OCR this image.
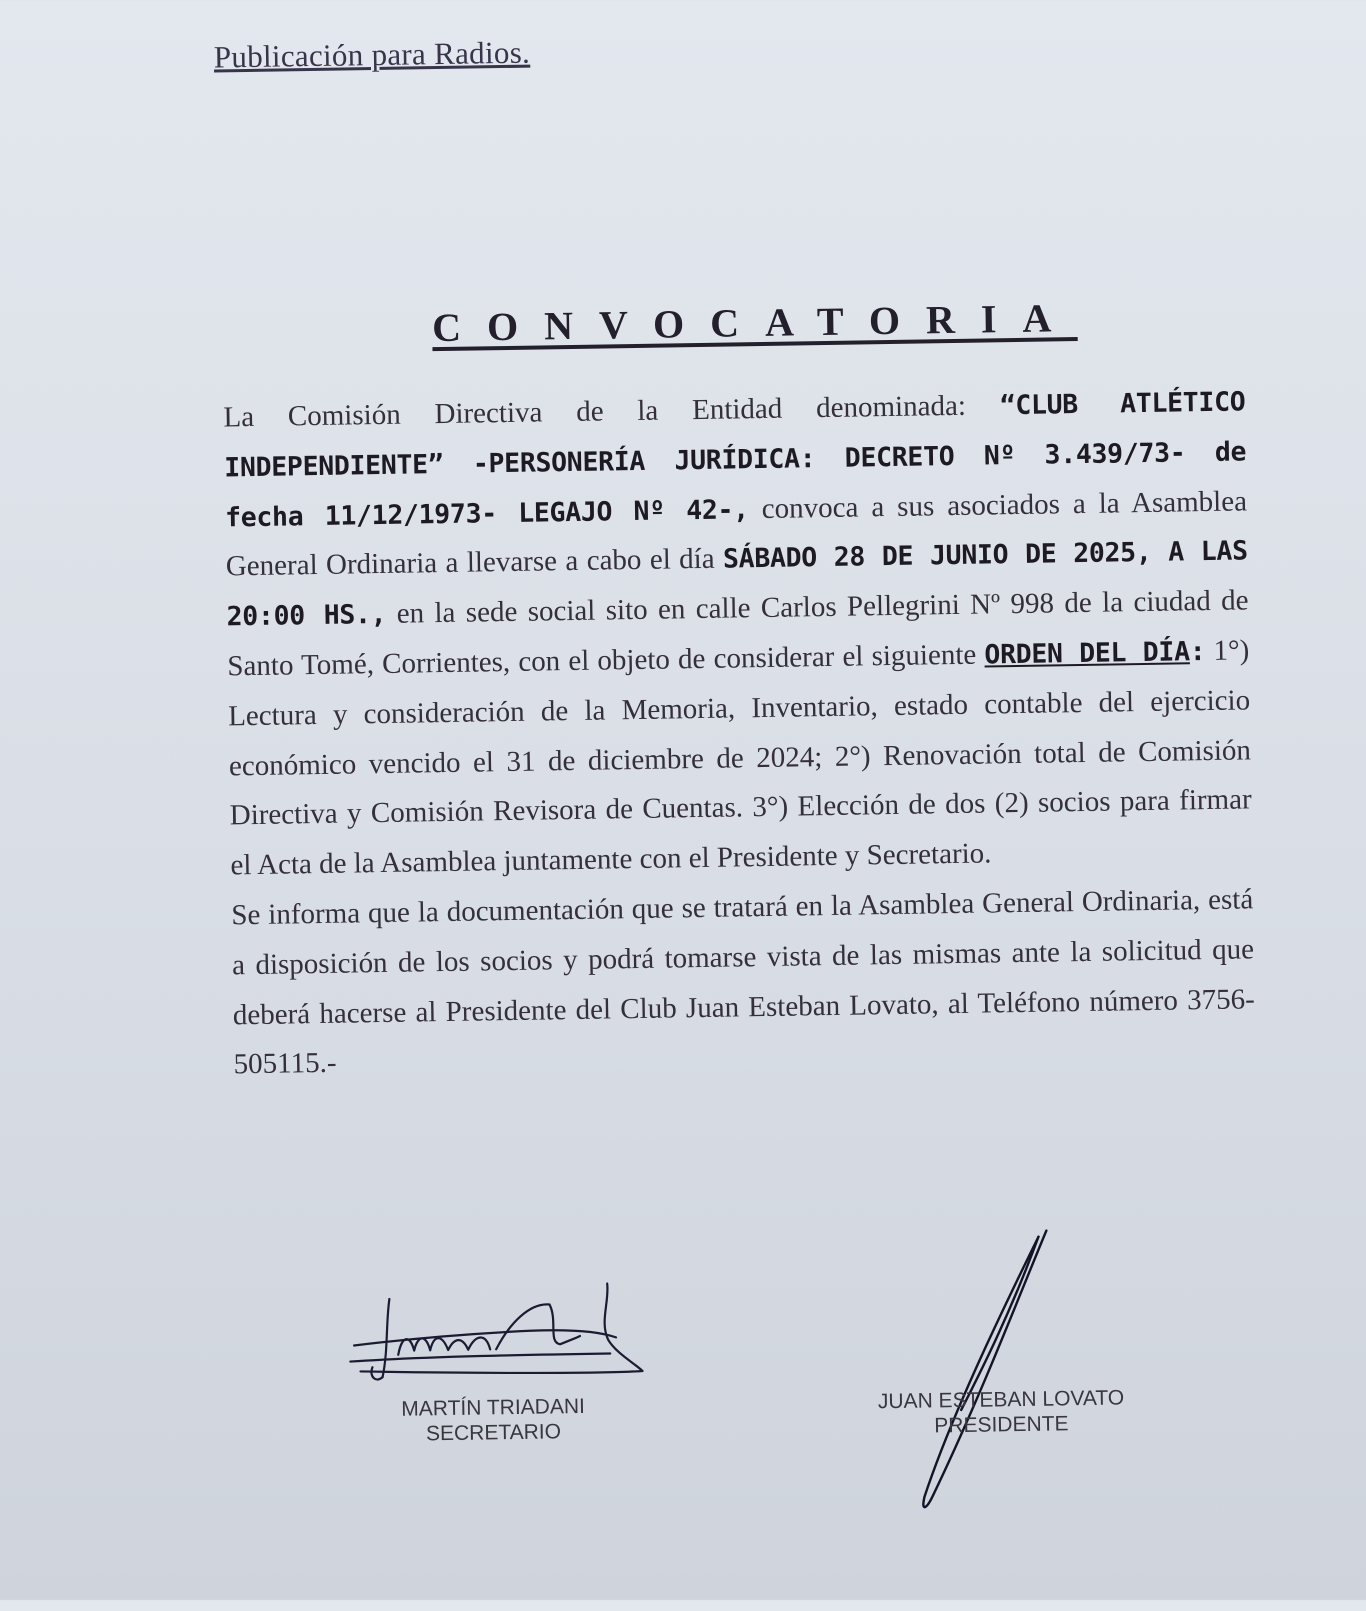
Publicación para Radios.
CONVOCATORIA

La Comisión Directiva de la Entidad denominada: “CLUB ATLÉTICO INDEPENDIENTE” -PERSONERÍA JURÍDICA: DECRETO Nº 3.439/73- de fecha 11/12/1973- LEGAJO Nº 42-, convoca a sus asociados a la Asamblea General Ordinaria a llevarse a cabo el día SÁBADO 28 DE JUNIO DE 2025, A LAS 20:00 HS., en la sede social sito en calle Carlos Pellegrini Nº 998 de la ciudad de Santo Tomé, Corrientes, con el objeto de considerar el siguiente ORDEN DEL DÍA: 1°) Lectura y consideración de la Memoria, Inventario, estado contable del ejercicio económico vencido el 31 de diciembre de 2024; 2°) Renovación total de Comisión Directiva y Comisión Revisora de Cuentas. 3°) Elección de dos (2) socios para firmar el Acta de la Asamblea juntamente con el Presidente y Secretario.

Se informa que la documentación que se tratará en la Asamblea General Ordinaria, está a disposición de los socios y podrá tomarse vista de las mismas ante la solicitud que deberá hacerse al Presidente del Club Juan Esteban Lovato, al Teléfono número 3756-505115.-

MARTÍN TRIADANI
SECRETARIO
JUAN ESTEBAN LOVATO
PRESIDENTE
